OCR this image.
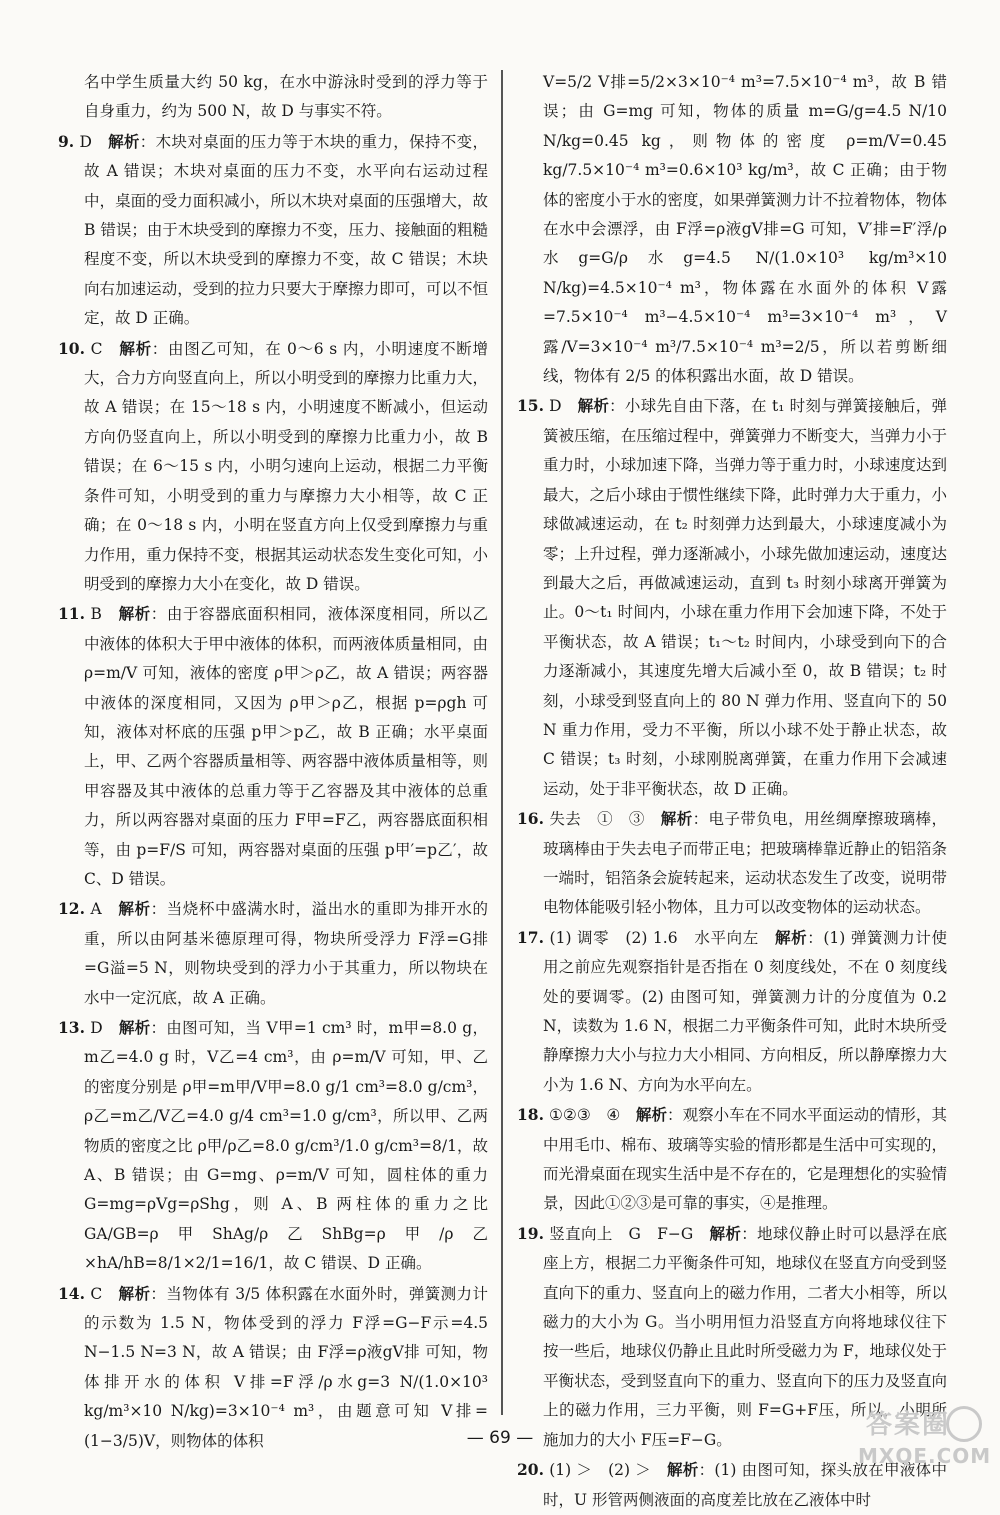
名中学生质量大约 50 kg，在水中游泳时受到的浮力等于自身重力，约为 500 N，故 D 与事实不符。

9. D　 解析：木块对桌面的压力等于木块的重力，保持不变，故 A 错误；木块对桌面的压力不变，水平向右运动过程中，桌面的受力面积减小，所以木块对桌面的压强增大，故 B 错误；由于木块受到的摩擦力不变，压力、接触面的粗糙程度不变，所以木块受到的摩擦力不变，故 C 错误；木块向右加速运动，受到的拉力只要大于摩擦力即可，可以不恒定，故 D 正确。

10. C　 解析：由图乙可知，在 0～6 s 内，小明速度不断增大，合力方向竖直向上，所以小明受到的摩擦力比重力大，故 A 错误；在 15～18 s 内，小明速度不断减小，但运动方向仍竖直向上，所以小明受到的摩擦力比重力小，故 B 错误；在 6～15 s 内，小明匀速向上运动，根据二力平衡条件可知，小明受到的重力与摩擦力大小相等，故 C 正确；在 0～18 s 内，小明在竖直方向上仅受到摩擦力与重力作用，重力保持不变，根据其运动状态发生变化可知，小明受到的摩擦力大小在变化，故 D 错误。

11. B　 解析：由于容器底面积相同，液体深度相同，所以乙中液体的体积大于甲中液体的体积，而两液体质量相同，由 ρ=m/V 可知，液体的密度 ρ甲＞ρ乙，故 A 错误；两容器中液体的深度相同，又因为 ρ甲＞ρ乙，根据 p=ρgh 可知，液体对杯底的压强 p甲＞p乙，故 B 正确；水平桌面上，甲、乙两个容器质量相等、两容器中液体质量相等，则甲容器及其中液体的总重力等于乙容器及其中液体的总重力，所以两容器对桌面的压力 F甲=F乙，两容器底面积相等，由 p=F/S 可知，两容器对桌面的压强 p甲′=p乙′，故 C、D 错误。

12. A　 解析：当烧杯中盛满水时，溢出水的重即为排开水的重，所以由阿基米德原理可得，物块所受浮力 F浮=G排=G溢=5 N，则物块受到的浮力小于其重力，所以物块在水中一定沉底，故 A 正确。

13. D　 解析：由图可知，当 V甲=1 cm³ 时，m甲=8.0 g，m乙=4.0 g 时，V乙=4 cm³，由 ρ=m/V 可知，甲、乙的密度分别是 ρ甲=m甲/V甲=8.0 g/1 cm³=8.0 g/cm³，ρ乙=m乙/V乙=4.0 g/4 cm³=1.0 g/cm³，所以甲、乙两物质的密度之比 ρ甲/ρ乙=8.0 g/cm³/1.0 g/cm³=8/1，故 A、B 错误；由 G=mg、ρ=m/V 可知，圆柱体的重力 G=mg=ρVg=ρShg，则 A、B 两柱体的重力之比 GA/GB=ρ甲ShAg/ρ乙ShBg=ρ甲/ρ乙×hA/hB=8/1×2/1=16/1，故 C 错误、D 正确。

14. C　 解析：当物体有 3/5 体积露在水面外时，弹簧测力计的示数为 1.5 N，物体受到的浮力 F浮=G−F示=4.5 N−1.5 N=3 N，故 A 错误；由 F浮=ρ液gV排 可知，物体排开水的体积 V排=F浮/ρ水g=3 N/(1.0×10³ kg/m³×10 N/kg)=3×10⁻⁴ m³，由题意可知 V排=(1−3/5)V，则物体的体积

V=5/2 V排=5/2×3×10⁻⁴ m³=7.5×10⁻⁴ m³，故 B 错误；由 G=mg 可知，物体的质量 m=G/g=4.5 N/10 N/kg=0.45 kg，则物体的密度 ρ=m/V=0.45 kg/7.5×10⁻⁴ m³=0.6×10³ kg/m³，故 C 正确；由于物体的密度小于水的密度，如果弹簧测力计不拉着物体，物体在水中会漂浮，由 F浮=ρ液gV排=G 可知，V′排=F′浮/ρ水g=G/ρ水g=4.5 N/(1.0×10³ kg/m³×10 N/kg)=4.5×10⁻⁴ m³，物体露在水面外的体积 V露=7.5×10⁻⁴ m³−4.5×10⁻⁴ m³=3×10⁻⁴ m³，V露/V=3×10⁻⁴ m³/7.5×10⁻⁴ m³=2/5，所以若剪断细线，物体有 2/5 的体积露出水面，故 D 错误。

15. D　 解析：小球先自由下落，在 t₁ 时刻与弹簧接触后，弹簧被压缩，在压缩过程中，弹簧弹力不断变大，当弹力小于重力时，小球加速下降，当弹力等于重力时，小球速度达到最大，之后小球由于惯性继续下降，此时弹力大于重力，小球做减速运动，在 t₂ 时刻弹力达到最大，小球速度减小为零；上升过程，弹力逐渐减小，小球先做加速运动，速度达到最大之后，再做减速运动，直到 t₃ 时刻小球离开弹簧为止。0～t₁ 时间内，小球在重力作用下会加速下降，不处于平衡状态，故 A 错误；t₁～t₂ 时间内，小球受到向下的合力逐渐减小，其速度先增大后减小至 0，故 B 错误；t₂ 时刻，小球受到竖直向上的 80 N 弹力作用、竖直向下的 50 N 重力作用，受力不平衡，所以小球不处于静止状态，故 C 错误；t₃ 时刻，小球刚脱离弹簧，在重力作用下会减速运动，处于非平衡状态，故 D 正确。

16. 失去　①　③　 解析：电子带负电，用丝绸摩擦玻璃棒，玻璃棒由于失去电子而带正电；把玻璃棒靠近静止的铝箔条一端时，铝箔条会旋转起来，运动状态发生了改变，说明带电物体能吸引轻小物体，且力可以改变物体的运动状态。

17. (1) 调零　(2) 1.6　水平向左　 解析：(1) 弹簧测力计使用之前应先观察指针是否指在 0 刻度线处，不在 0 刻度线处的要调零。(2) 由图可知，弹簧测力计的分度值为 0.2 N，读数为 1.6 N，根据二力平衡条件可知，此时木块所受静摩擦力大小与拉力大小相同、方向相反，所以静摩擦力大小为 1.6 N、方向为水平向左。

18. ①②③　④　 解析：观察小车在不同水平面运动的情形，其中用毛巾、棉布、玻璃等实验的情形都是生活中可实现的，而光滑桌面在现实生活中是不存在的，它是理想化的实验情景，因此①②③是可靠的事实，④是推理。

19. 竖直向上　G　F−G　 解析：地球仪静止时可以悬浮在底座上方，根据二力平衡条件可知，地球仪在竖直方向受到竖直向下的重力、竖直向上的磁力作用，二者大小相等，所以磁力的大小为 G。当小明用恒力沿竖直方向将地球仪往下按一些后，地球仪仍静止且此时所受磁力为 F，地球仪处于平衡状态，受到竖直向下的重力、竖直向下的压力及竖直向上的磁力作用，三力平衡，则 F=G+F压，所以，小明所施加力的大小 F压=F−G。

20. (1) ＞　(2) ＞　 解析：(1) 由图可知，探头放在甲液体中时，U 形管两侧液面的高度差比放在乙液体中时

— 69 —	答案圈
MXQE.COM
